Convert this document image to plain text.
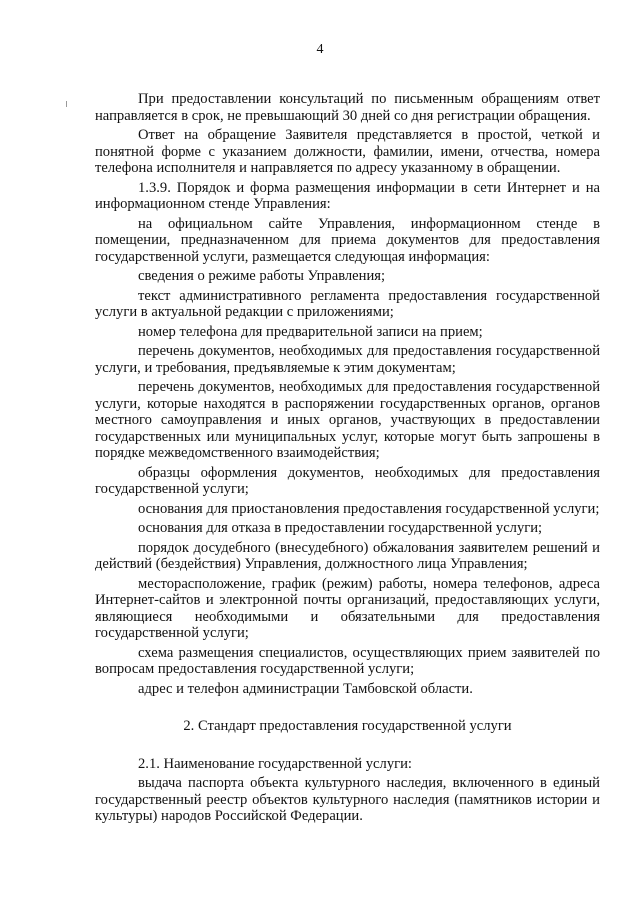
4

При предоставлении консультаций по письменным обращениям ответ направляется в срок, не превышающий 30 дней со дня регистрации обращения.

Ответ на обращение Заявителя представляется в простой, четкой и понятной форме с указанием должности, фамилии, имени, отчества, номера телефона исполнителя и направляется по адресу указанному в обращении.

1.3.9. Порядок и форма размещения информации в сети Интернет и на информационном стенде Управления:

на официальном сайте Управления, информационном стенде в помещении, предназначенном для приема документов для предоставления государственной услуги, размещается следующая информация:

сведения о режиме работы Управления;

текст административного регламента предоставления государственной услуги в актуальной редакции с приложениями;

номер телефона для предварительной записи на прием;

перечень документов, необходимых для предоставления государственной услуги, и требования, предъявляемые к этим документам;

перечень документов, необходимых для предоставления государственной услуги, которые находятся в распоряжении государственных органов, органов местного самоуправления и иных органов, участвующих в предоставлении государственных или муниципальных услуг, которые могут быть запрошены в порядке межведомственного взаимодействия;

образцы оформления документов, необходимых для предоставления государственной услуги;

основания для приостановления предоставления государственной услуги;

основания для отказа в предоставлении государственной услуги;

порядок досудебного (внесудебного) обжалования заявителем решений и действий (бездействия) Управления, должностного лица Управления;

месторасположение, график (режим) работы, номера телефонов, адреса Интернет-сайтов и электронной почты организаций, предоставляющих услуги, являющиеся необходимыми и обязательными для предоставления государственной услуги;

схема размещения специалистов, осуществляющих прием заявителей по вопросам предоставления государственной услуги;

адрес и телефон администрации Тамбовской области.

2. Стандарт предоставления государственной услуги

2.1. Наименование государственной услуги:

выдача паспорта объекта культурного наследия, включенного в единый государственный реестр объектов культурного наследия (памятников истории и культуры) народов Российской Федерации.
